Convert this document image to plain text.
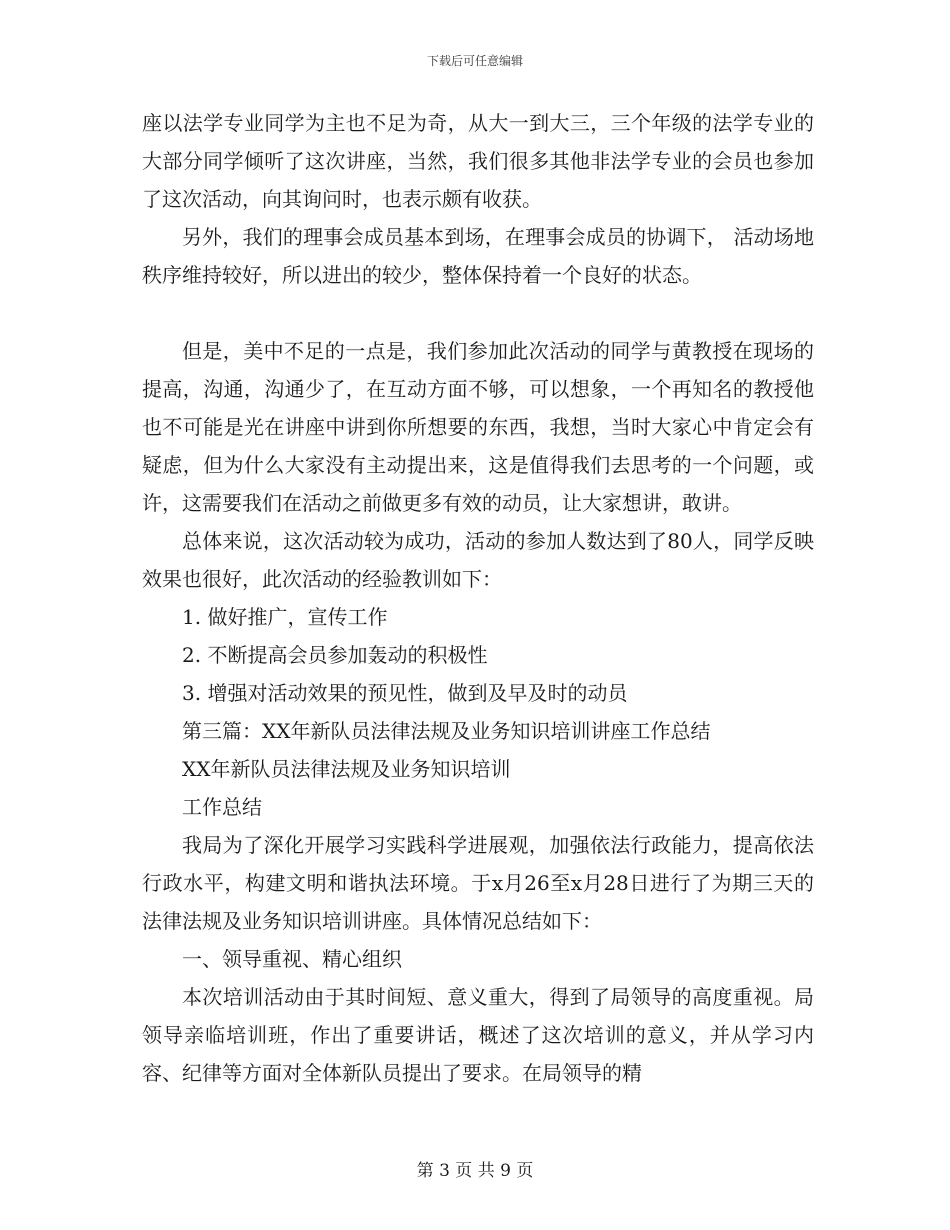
下载后可任意编辑

座以法学专业同学为主也不足为奇，从大一到大三，三个年级的法学专业的大部分同学倾听了这次讲座，当然，我们很多其他非法学专业的会员也参加了这次活动，向其询问时，也表示颇有收获。

另外，我们的理事会成员基本到场，在理事会成员的协调下， 活动场地秩序维持较好，所以进出的较少，整体保持着一个良好的状态。

但是，美中不足的一点是，我们参加此次活动的同学与黄教授在现场的提高，沟通，沟通少了，在互动方面不够，可以想象，一个再知名的教授他也不可能是光在讲座中讲到你所想要的东西，我想，当时大家心中肯定会有疑虑，但为什么大家没有主动提出来，这是值得我们去思考的一个问题，或许，这需要我们在活动之前做更多有效的动员，让大家想讲，敢讲。

总体来说，这次活动较为成功，活动的参加人数达到了80人，同学反映效果也很好，此次活动的经验教训如下：

1. 做好推广，宣传工作

2. 不断提高会员参加轰动的积极性

3. 增强对活动效果的预见性，做到及早及时的动员

第三篇：XX年新队员法律法规及业务知识培训讲座工作总结

XX年新队员法律法规及业务知识培训

工作总结

我局为了深化开展学习实践科学进展观，加强依法行政能力，提高依法行政水平，构建文明和谐执法环境。于x月26至x月28日进行了为期三天的法律法规及业务知识培训讲座。具体情况总结如下：

一、领导重视、精心组织

本次培训活动由于其时间短、意义重大，得到了局领导的高度重视。局领导亲临培训班，作出了重要讲话，概述了这次培训的意义，并从学习内容、纪律等方面对全体新队员提出了要求。在局领导的精

第 3 页 共 9 页
